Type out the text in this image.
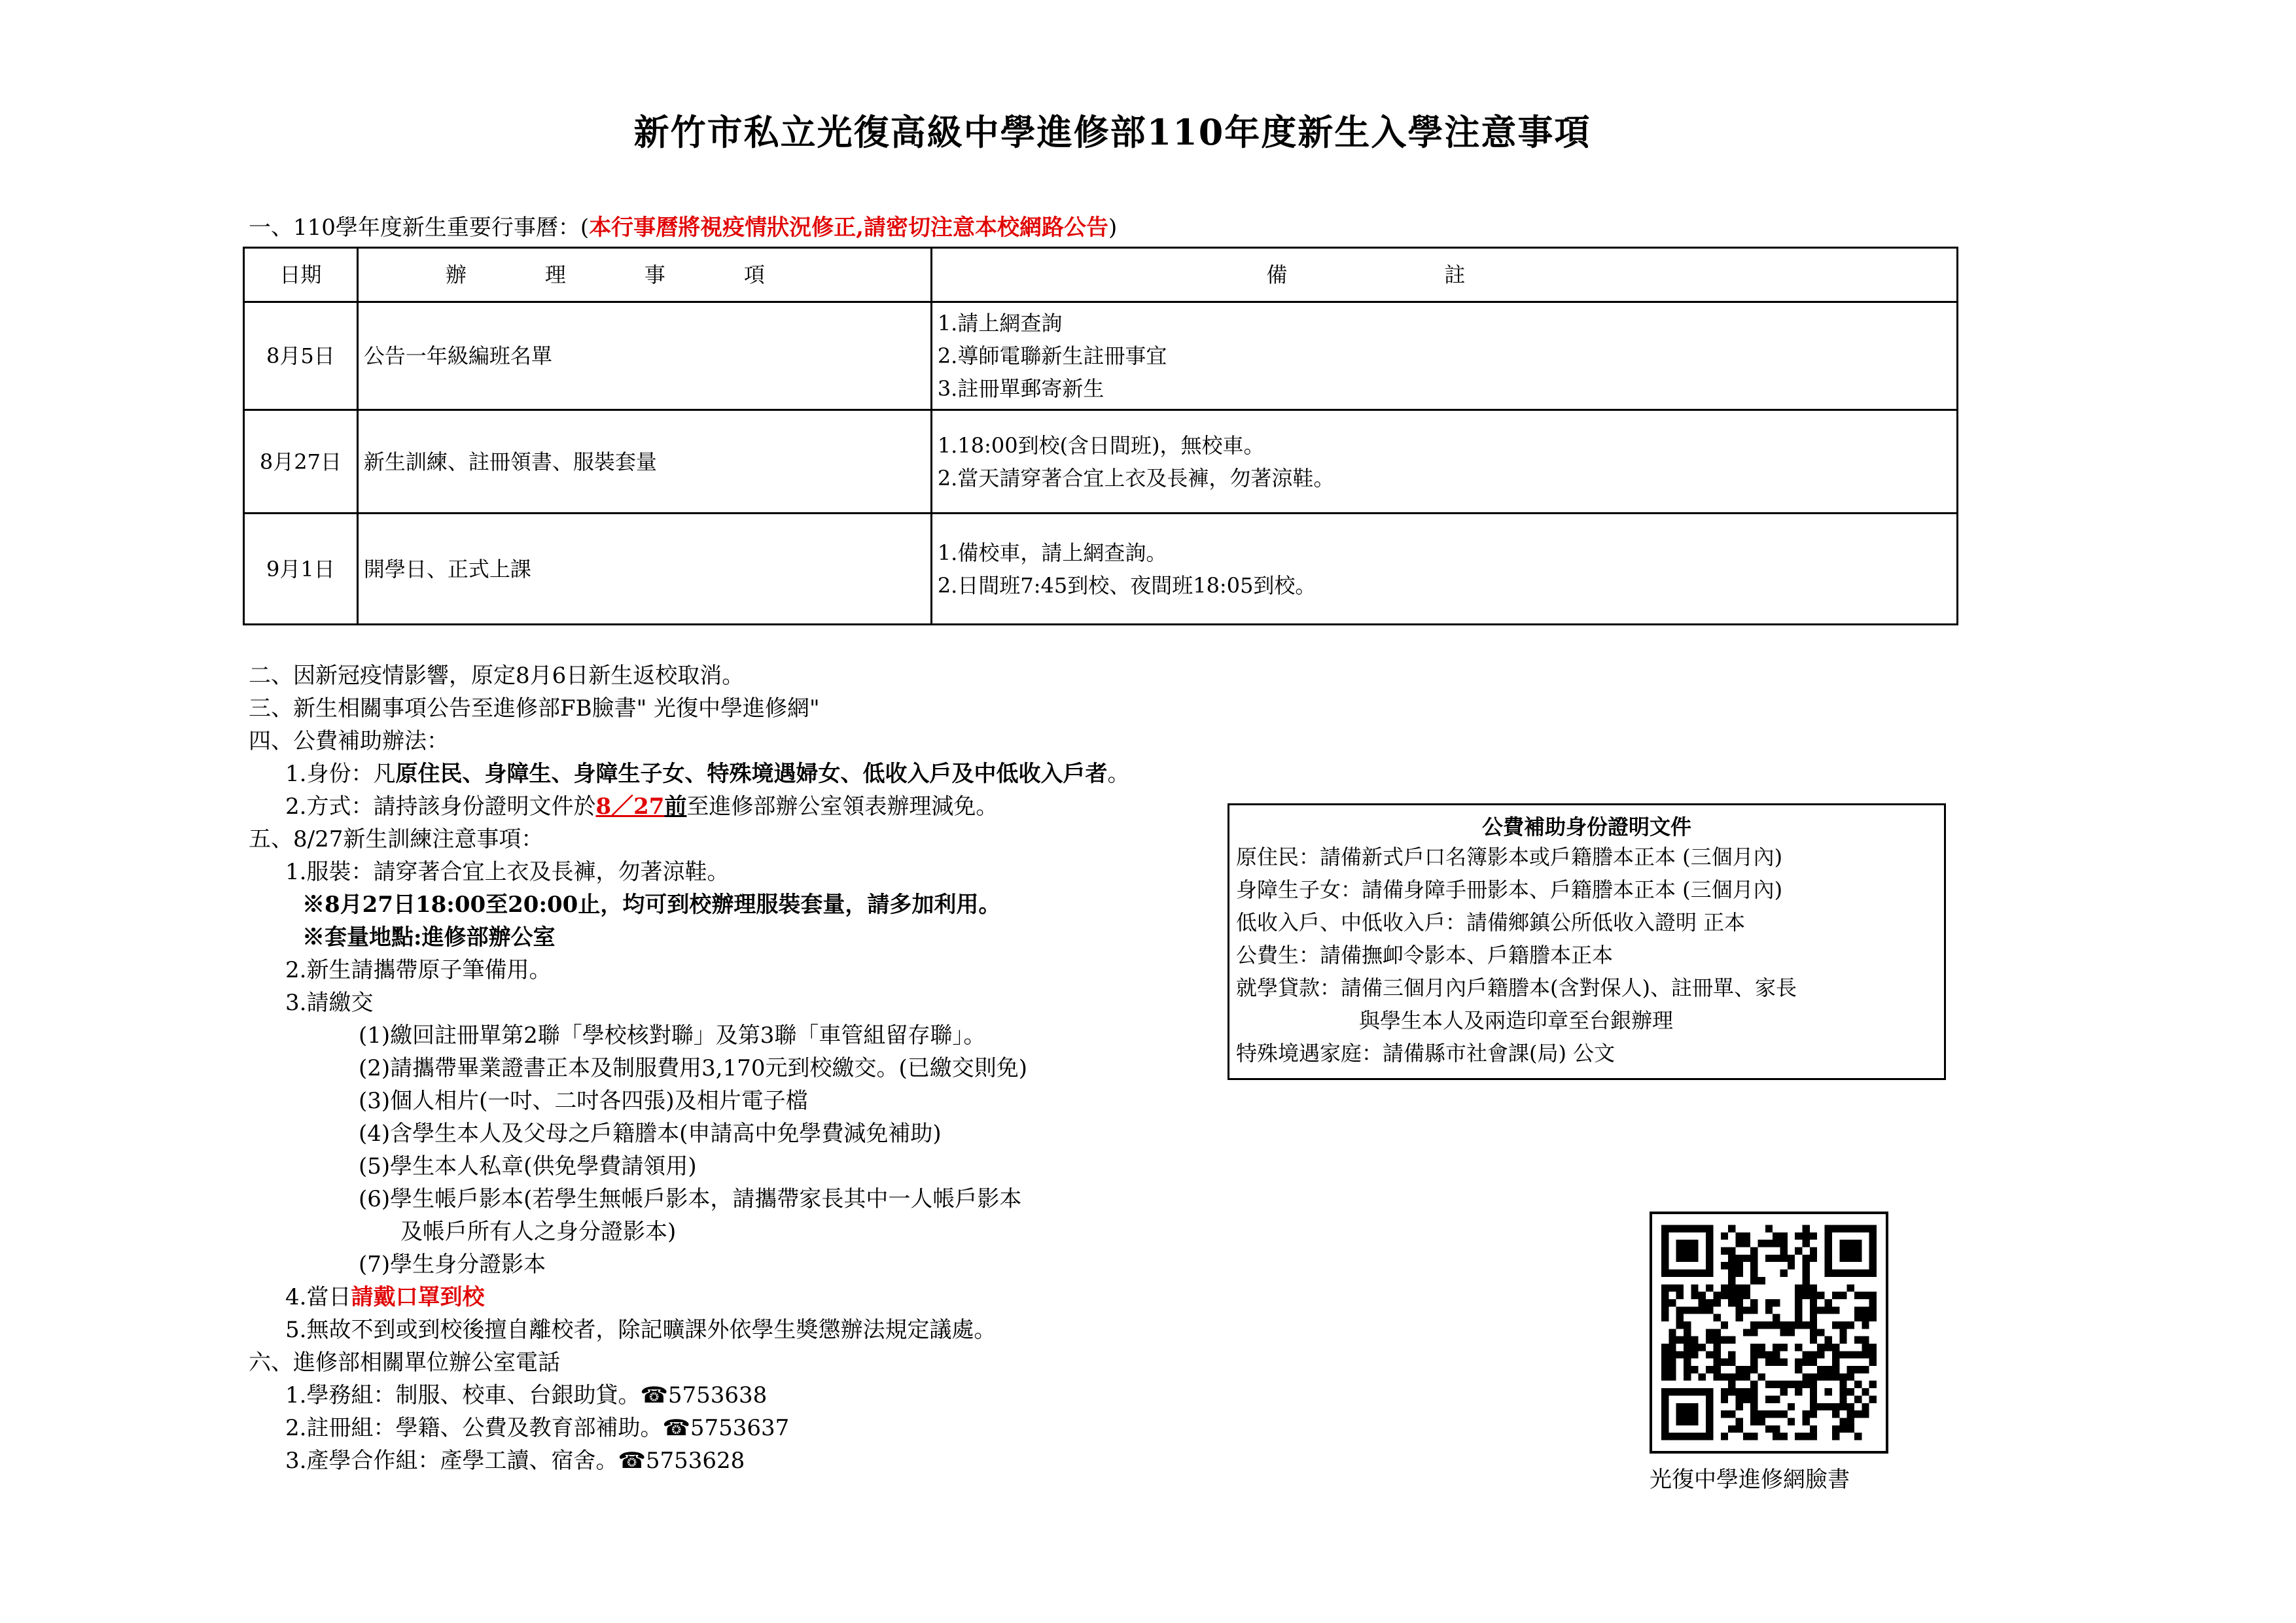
新竹市私立光復高級中學進修部110年度新生入學注意事項
一、110學年度新生重要行事曆：(本行事曆將視疫情狀況修正,請密切注意本校網路公告)
日期	辦理事項	備註
8月5日	公告一年級編班名單	1.請上網查詢
2.導師電聯新生註冊事宜
3.註冊單郵寄新生

8月27日	新生訓練、註冊領書、服裝套量	1.18:00到校(含日間班)，無校車。
2.當天請穿著合宜上衣及長褲，勿著涼鞋。

9月1日	開學日、正式上課	1.備校車，請上網查詢。
2.日間班7:45到校、夜間班18:05到校。
二、因新冠疫情影響，原定8月6日新生返校取消。
三、新生相關事項公告至進修部FB臉書" 光復中學進修網"
四、公費補助辦法：
1.身份：凡原住民、身障生、身障生子女、特殊境遇婦女、低收入戶及中低收入戶者。
2.方式：請持該身份證明文件於8／27前至進修部辦公室領表辦理減免。
五、8/27新生訓練注意事項：
1.服裝：請穿著合宜上衣及長褲，勿著涼鞋。
※8月27日18:00至20:00止，均可到校辦理服裝套量，請多加利用。
※套量地點:進修部辦公室
2.新生請攜帶原子筆備用。
3.請繳交
(1)繳回註冊單第2聯「學校核對聯」及第3聯「車管組留存聯」。
(2)請攜帶畢業證書正本及制服費用3,170元到校繳交。(已繳交則免)
(3)個人相片(一吋、二吋各四張)及相片電子檔
(4)含學生本人及父母之戶籍謄本(申請高中免學費減免補助)
(5)學生本人私章(供免學費請領用)
(6)學生帳戶影本(若學生無帳戶影本，請攜帶家長其中一人帳戶影本
及帳戶所有人之身分證影本)
(7)學生身分證影本
4.當日請戴口罩到校
5.無故不到或到校後擅自離校者，除記曠課外依學生獎懲辦法規定議處。
六、進修部相關單位辦公室電話
1.學務組：制服、校車、台銀助貸。☎5753638
2.註冊組：學籍、公費及教育部補助。☎5753637
3.產學合作組：產學工讀、宿舍。☎5753628
公費補助身份證明文件
原住民：請備新式戶口名簿影本或戶籍謄本正本 (三個月內)
身障生子女：請備身障手冊影本、戶籍謄本正本 (三個月內)
低收入戶、中低收入戶：請備鄉鎮公所低收入證明 正本
公費生：請備撫卹令影本、戶籍謄本正本
就學貸款：請備三個月內戶籍謄本(含對保人)、註冊單、家長
與學生本人及兩造印章至台銀辦理
特殊境遇家庭：請備縣市社會課(局) 公文
光復中學進修網臉書
